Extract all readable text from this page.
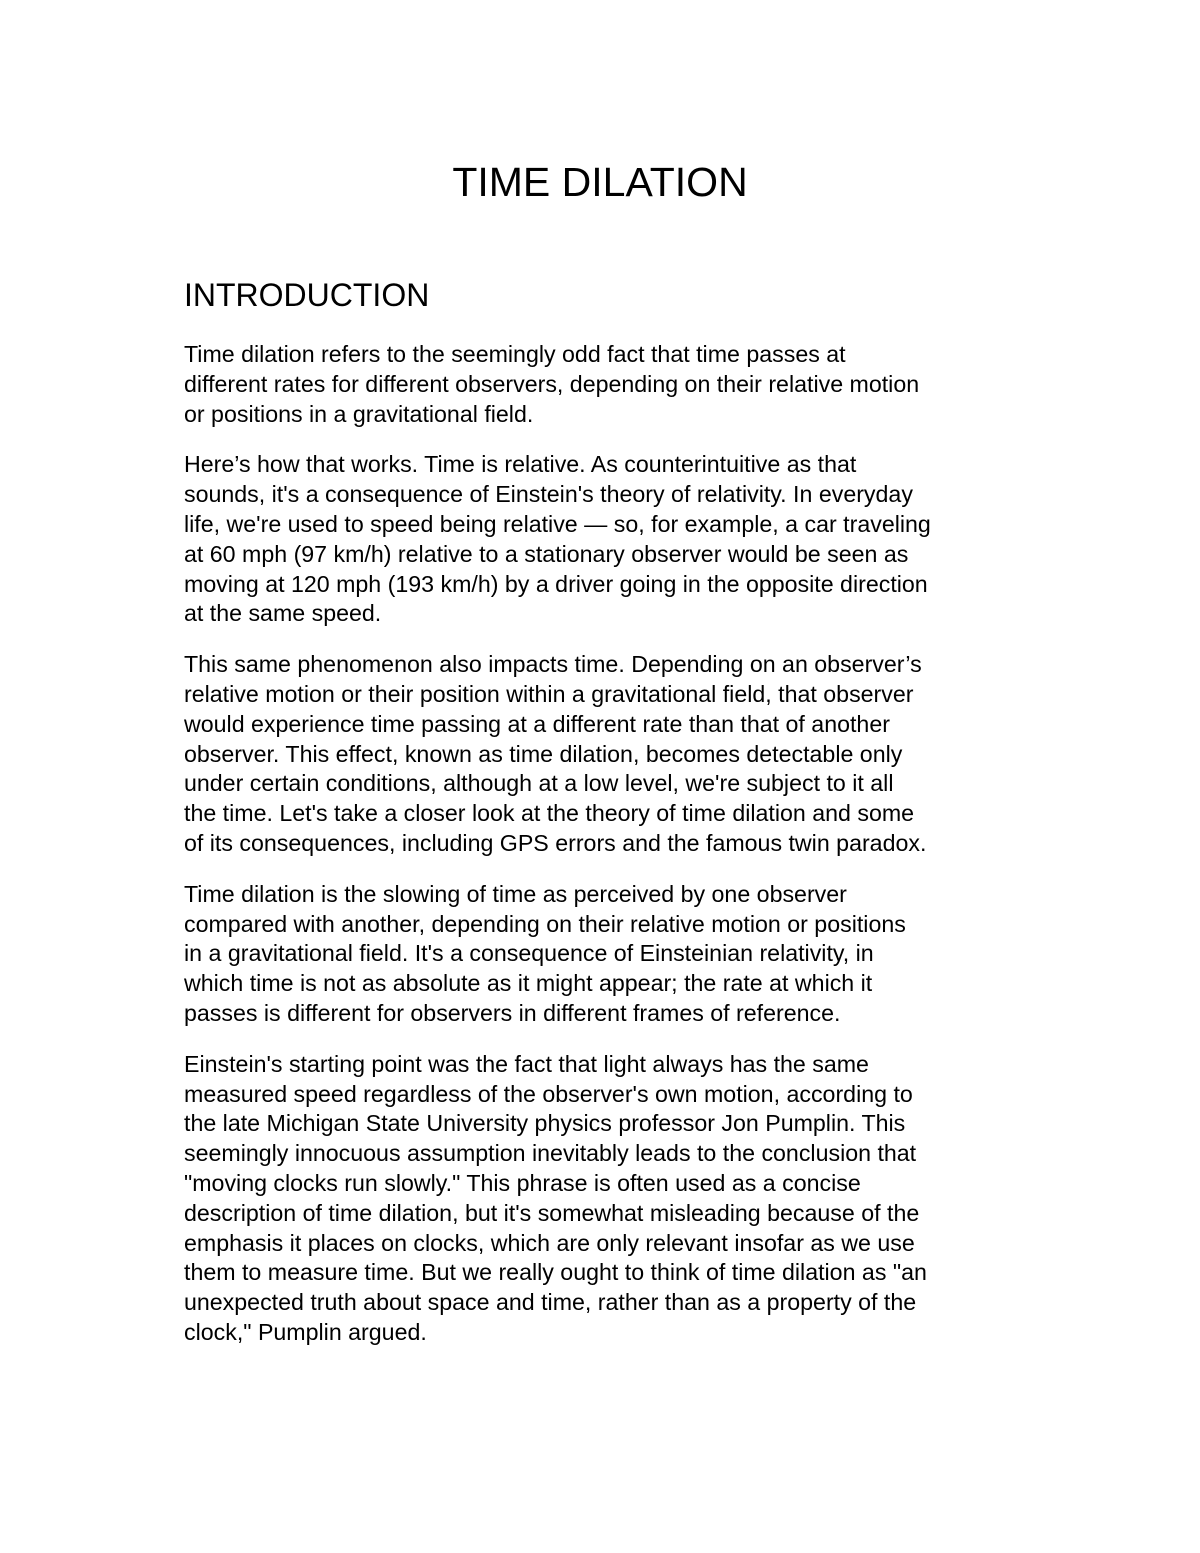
TIME DILATION
INTRODUCTION

Time dilation refers to the seemingly odd fact that time passes at
different rates for different observers, depending on their relative motion
or positions in a gravitational field.

Here’s how that works. Time is relative. As counterintuitive as that
sounds, it's a consequence of Einstein's theory of relativity. In everyday
life, we're used to speed being relative — so, for example, a car traveling
at 60 mph (97 km/h) relative to a stationary observer would be seen as
moving at 120 mph (193 km/h) by a driver going in the opposite direction
at the same speed.

This same phenomenon also impacts time. Depending on an observer’s
relative motion or their position within a gravitational field, that observer
would experience time passing at a different rate than that of another
observer. This effect, known as time dilation, becomes detectable only
under certain conditions, although at a low level, we're subject to it all
the time. Let's take a closer look at the theory of time dilation and some
of its consequences, including GPS errors and the famous twin paradox.

Time dilation is the slowing of time as perceived by one observer
compared with another, depending on their relative motion or positions
in a gravitational field. It's a consequence of Einsteinian relativity, in
which time is not as absolute as it might appear; the rate at which it
passes is different for observers in different frames of reference.

Einstein's starting point was the fact that light always has the same
measured speed regardless of the observer's own motion, according to
the late Michigan State University physics professor Jon Pumplin. This
seemingly innocuous assumption inevitably leads to the conclusion that
"moving clocks run slowly." This phrase is often used as a concise
description of time dilation, but it's somewhat misleading because of the
emphasis it places on clocks, which are only relevant insofar as we use
them to measure time. But we really ought to think of time dilation as "an
unexpected truth about space and time, rather than as a property of the
clock," Pumplin argued.
